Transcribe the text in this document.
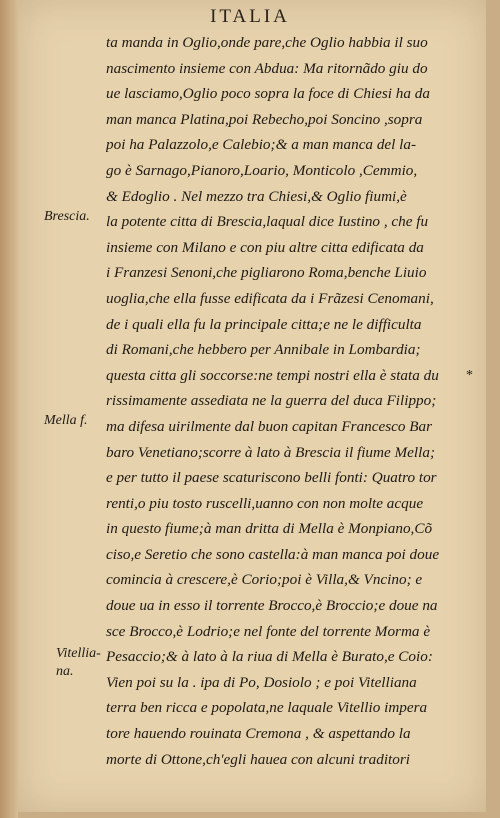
ITALIA
Brescia.
Mella f.
Vitellia-
na.
*
ta manda in Oglio,onde pare,che Oglio habbia il suo
nascimento insieme con Abdua: Ma ritornãdo giu do
ue lasciamo,Oglio poco sopra la foce di Chiesi ha da
man manca Platina,poi Rebecho,poi Soncino ,sopra
poi ha Palazzolo,e Calebio;& a man manca del la-
go è Sarnago,Pianoro,Loario, Monticolo ,Cemmio,
& Edoglio . Nel mezzo tra Chiesi,& Oglio fiumi,è
la potente citta di Brescia,laqual dice Iustino , che fu
insieme con Milano e con piu altre citta edificata da
i Franzesi Senoni,che pigliarono Roma,benche Liuio
uoglia,che ella fusse edificata da i Frãzesi Cenomani,
de i quali ella fu la principale citta;e ne le difficulta
di Romani,che hebbero per Annibale in Lombardia;
questa citta gli soccorse:ne tempi nostri ella è stata du
rissimamente assediata ne la guerra del duca Filippo;
ma difesa uirilmente dal buon capitan Francesco Bar
baro Venetiano;scorre à lato à Brescia il fiume Mella;
e per tutto il paese scaturiscono belli fonti: Quatro tor
renti,o piu tosto ruscelli,uanno con non molte acque
in questo fiume;à man dritta di Mella è Monpiano,Cõ
ciso,e Seretio che sono castella:à man manca poi doue
comincia à crescere,è Corio;poi è Villa,& Vncino; e
doue ua in esso il torrente Brocco,è Broccio;e doue na
sce Brocco,è Lodrio;e nel fonte del torrente Morma è
Pesaccio;& à lato à la riua di Mella è Burato,e Coio:
Vien poi su la . ipa di Po, Dosiolo ; e poi Vitelliana
terra ben ricca e popolata,ne laquale Vitellio impera
tore hauendo rouinata Cremona , & aspettando la
morte di Ottone,ch'egli hauea con alcuni traditori
